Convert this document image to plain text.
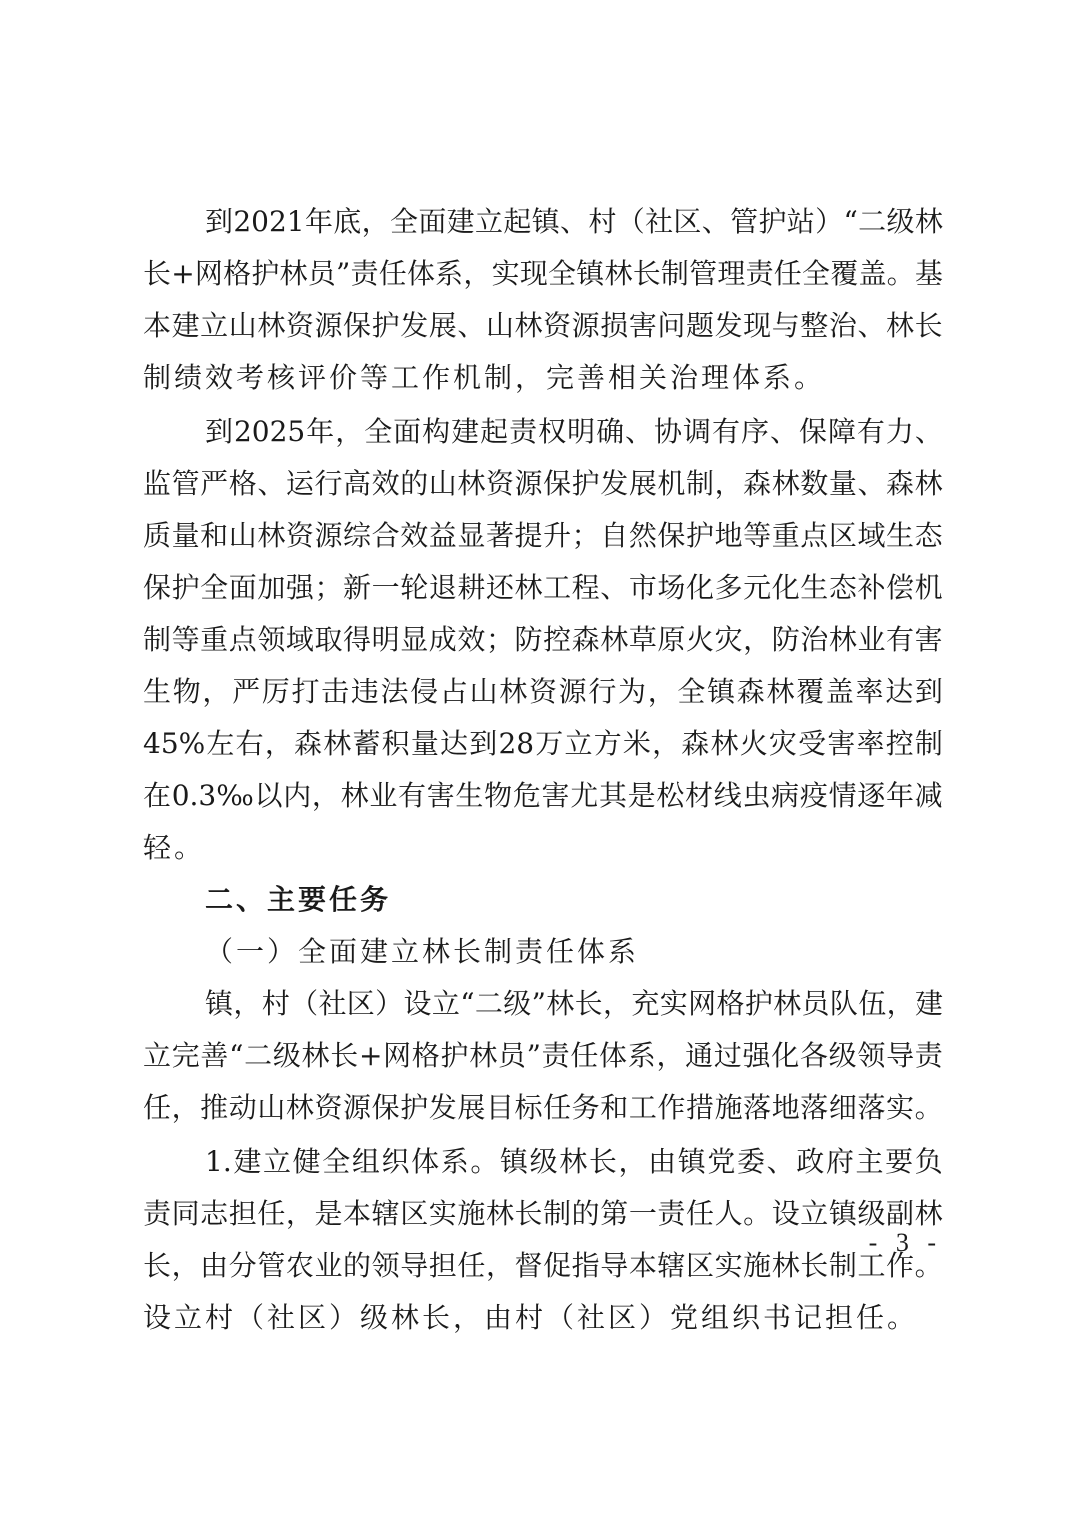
到 2021 年 底 ， 全 面 建 立 起 镇 、 村 （ 社 区 、 管 护 站 ） “ 二 级 林
长 + 网 格 护 林 员 ” 责 任 体 系 ， 实 现 全 镇 林 长 制 管 理 责 任 全 覆 盖 。 基
本 建 立 山 林 资 源 保 护 发 展 、 山 林 资 源 损 害 问 题 发 现 与 整 治 、 林 长
制绩效考核评价等工作机制，完善相关治理体系。
到 2025 年 ， 全 面 构 建 起 责 权 明 确 、 协 调 有 序 、 保 障 有 力 、
监 管 严 格 、 运 行 高 效 的 山 林 资 源 保 护 发 展 机 制 ， 森 林 数 量 、 森 林
质 量 和 山 林 资 源 综 合 效 益 显 著 提 升 ； 自 然 保 护 地 等 重 点 区 域 生 态
保 护 全 面 加 强 ； 新 一 轮 退 耕 还 林 工 程 、 市 场 化 多 元 化 生 态 补 偿 机
制 等 重 点 领 域 取 得 明 显 成 效 ； 防 控 森 林 草 原 火 灾 ， 防 治 林 业 有 害
生 物 ， 严 厉 打 击 违 法 侵 占 山 林 资 源 行 为 ， 全 镇 森 林 覆 盖 率 达 到
45% 左 右 ， 森 林 蓄 积 量 达 到 28 万 立 方 米 ， 森 林 火 灾 受 害 率 控 制
在 0.3‰ 以 内 ， 林 业 有 害 生 物 危 害 尤 其 是 松 材 线 虫 病 疫 情 逐 年 减
轻。
二、主要任务
（一）全面建立林长制责任体系
镇 ， 村 （ 社 区 ） 设 立 “ 二 级 ” 林 长 ， 充 实 网 格 护 林 员 队 伍 ， 建
立 完 善 “ 二 级 林 长 + 网 格 护 林 员 ” 责 任 体 系 ， 通 过 强 化 各 级 领 导 责
任 ， 推 动 山 林 资 源 保 护 发 展 目 标 任 务 和 工 作 措 施 落 地 落 细 落 实 。
1. 建 立 健 全 组 织 体 系 。 镇 级 林 长 ， 由 镇 党 委 、 政 府 主 要 负
责 同 志 担 任 ， 是 本 辖 区 实 施 林 长 制 的 第 一 责 任 人 。 设 立 镇 级 副 林
长 ， 由 分 管 农 业 的 领 导 担 任 ， 督 促 指 导 本 辖 区 实 施 林 长 制 工 作 。
设立村（社区）级林长，由村（社区）党组织书记担任。
- 3 -
